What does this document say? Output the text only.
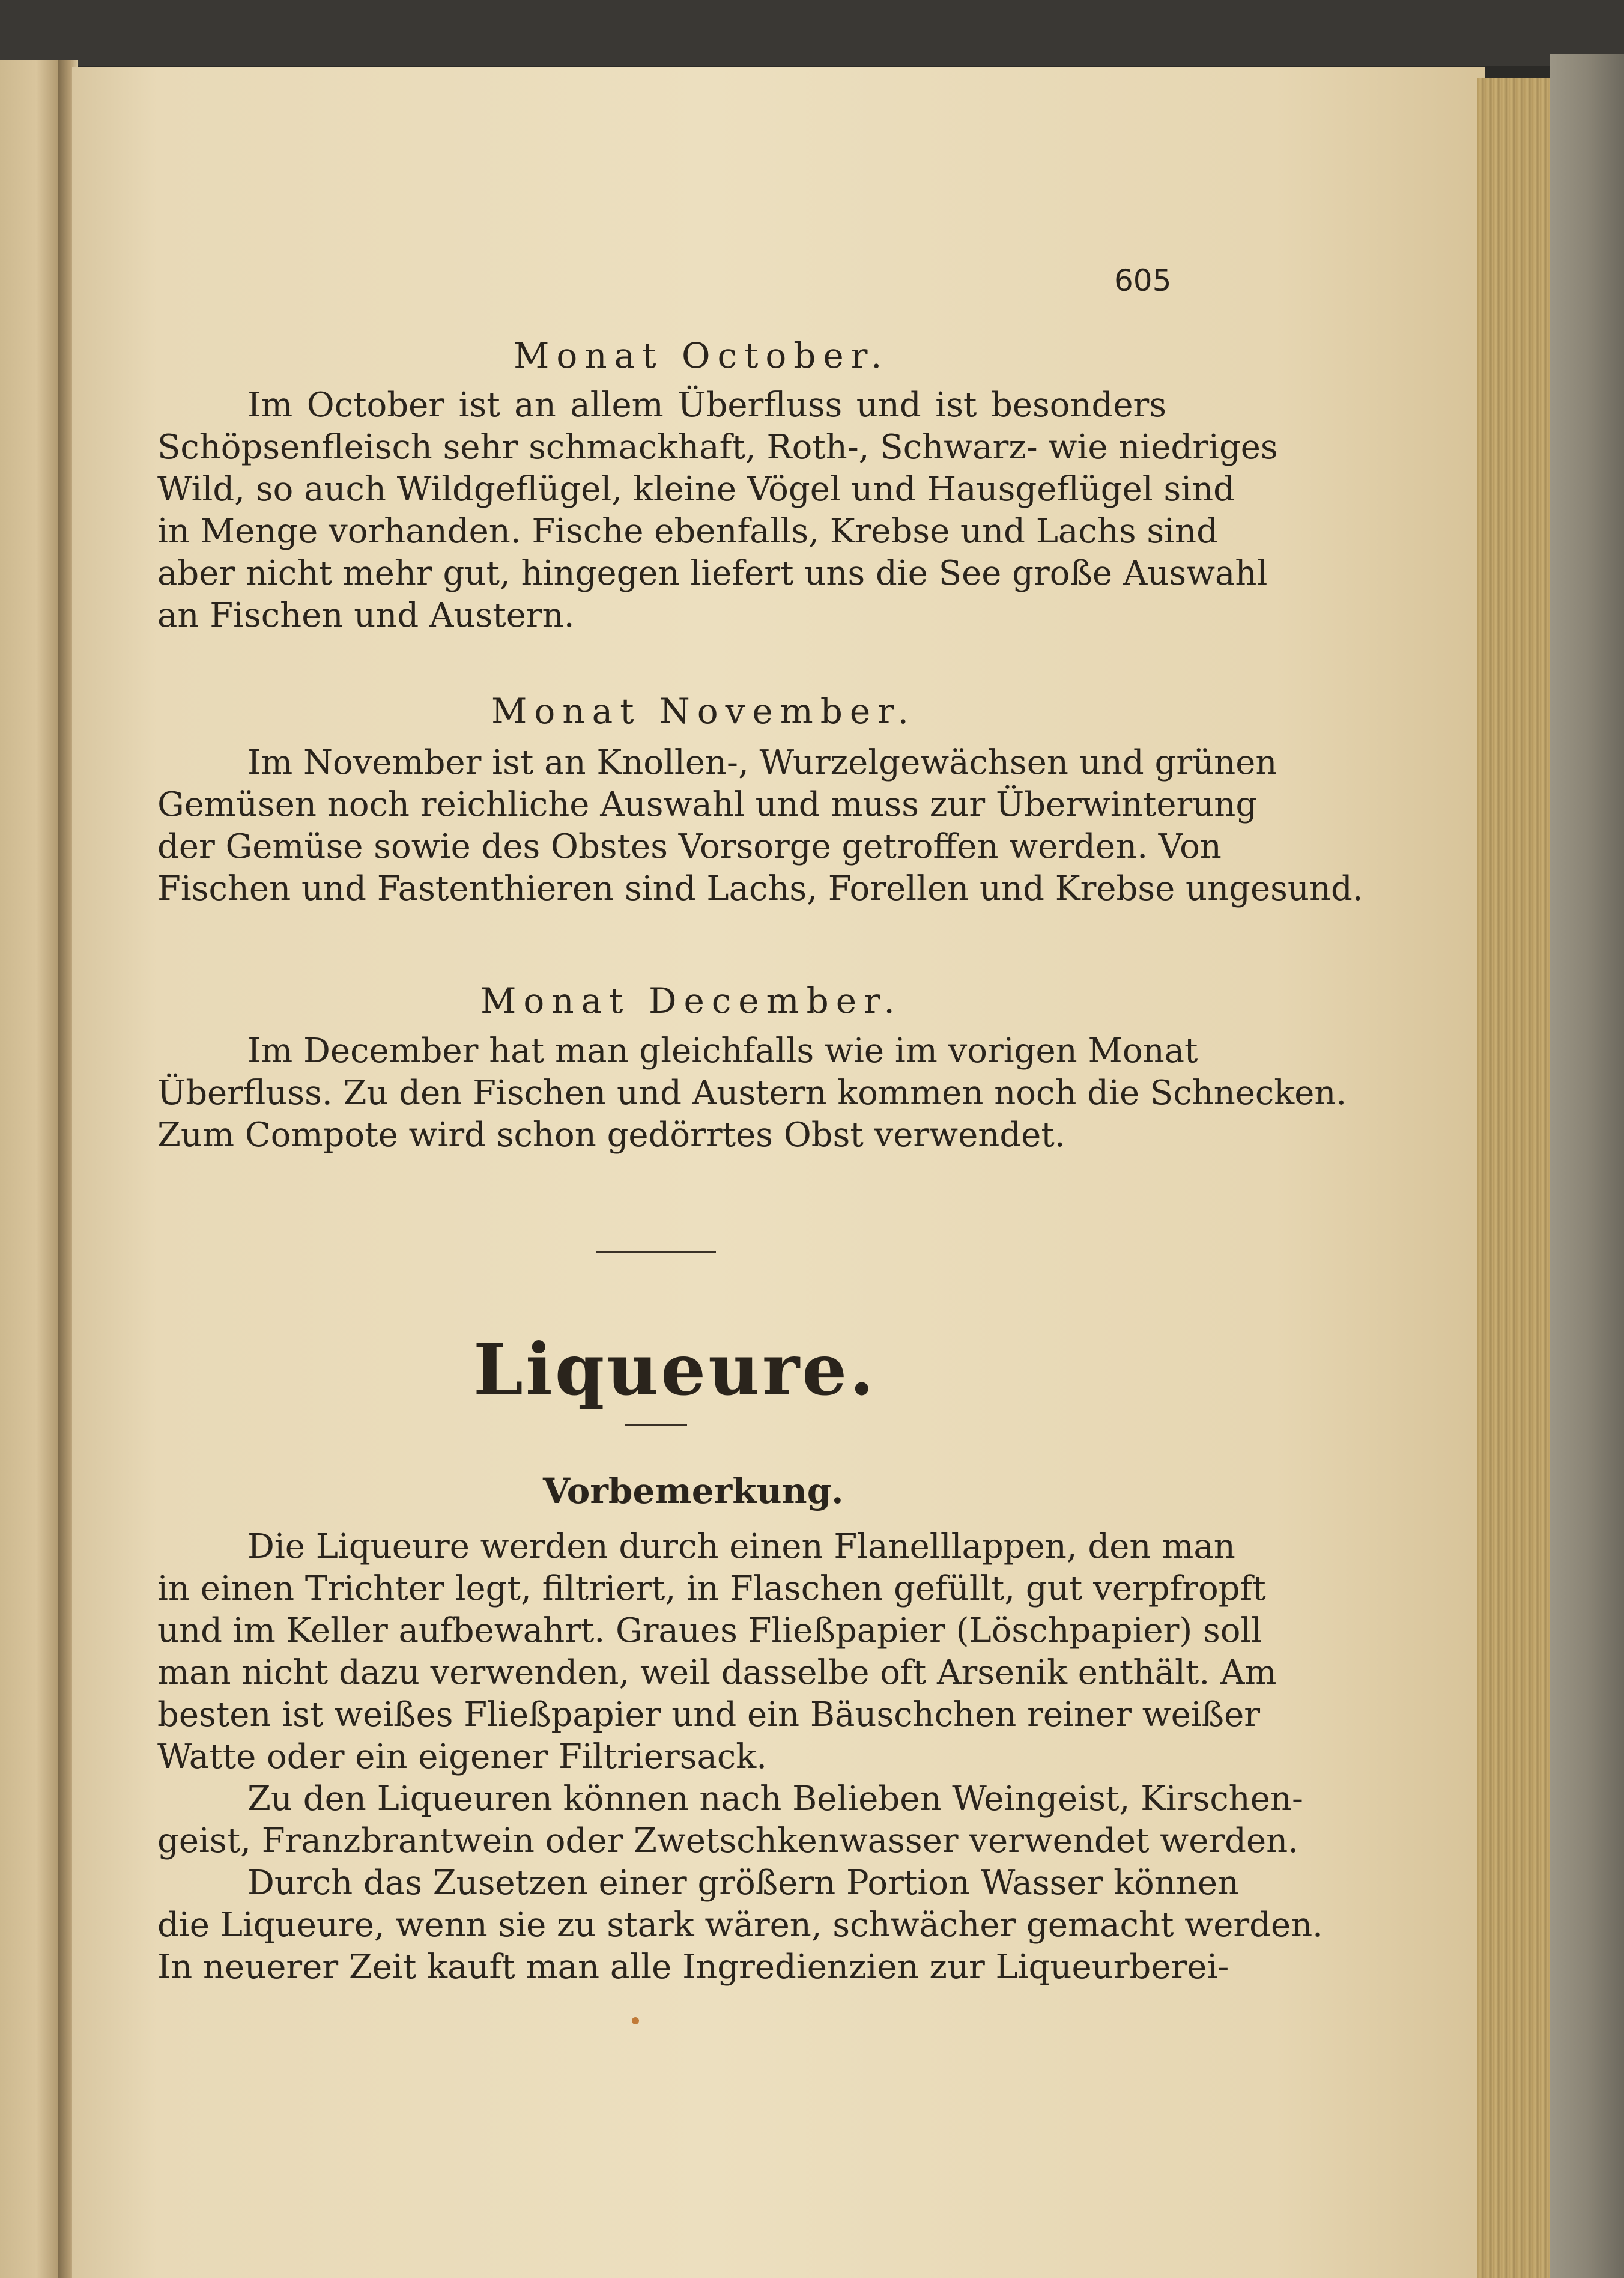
605
Monat October.
Im October ist an allem Überfluss und ist besonders
Schöpsenfleisch sehr schmackhaft, Roth-, Schwarz- wie niedriges
Wild, so auch Wildgeflügel, kleine Vögel und Hausgeflügel sind
in Menge vorhanden. Fische ebenfalls, Krebse und Lachs sind
aber nicht mehr gut, hingegen liefert uns die See große Auswahl
an Fischen und Austern.
Monat November.
Im November ist an Knollen-, Wurzelgewächsen und grünen
Gemüsen noch reichliche Auswahl und muss zur Überwinterung
der Gemüse sowie des Obstes Vorsorge getroffen werden. Von
Fischen und Fastenthieren sind Lachs, Forellen und Krebse ungesund.
Monat December.
Im December hat man gleichfalls wie im vorigen Monat
Überfluss. Zu den Fischen und Austern kommen noch die Schnecken.
Zum Compote wird schon gedörrtes Obst verwendet.
Liqueure.
Vorbemerkung.
Die Liqueure werden durch einen Flanelllappen, den man
in einen Trichter legt, filtriert, in Flaschen gefüllt, gut verpfropft
und im Keller aufbewahrt. Graues Fließpapier (Löschpapier) soll
man nicht dazu verwenden, weil dasselbe oft Arsenik enthält. Am
besten ist weißes Fließpapier und ein Bäuschchen reiner weißer
Watte oder ein eigener Filtriersack.
Zu den Liqueuren können nach Belieben Weingeist, Kirschen-
geist, Franzbrantwein oder Zwetschkenwasser verwendet werden.
Durch das Zusetzen einer größern Portion Wasser können
die Liqueure, wenn sie zu stark wären, schwächer gemacht werden.
In neuerer Zeit kauft man alle Ingredienzien zur Liqueurberei-
